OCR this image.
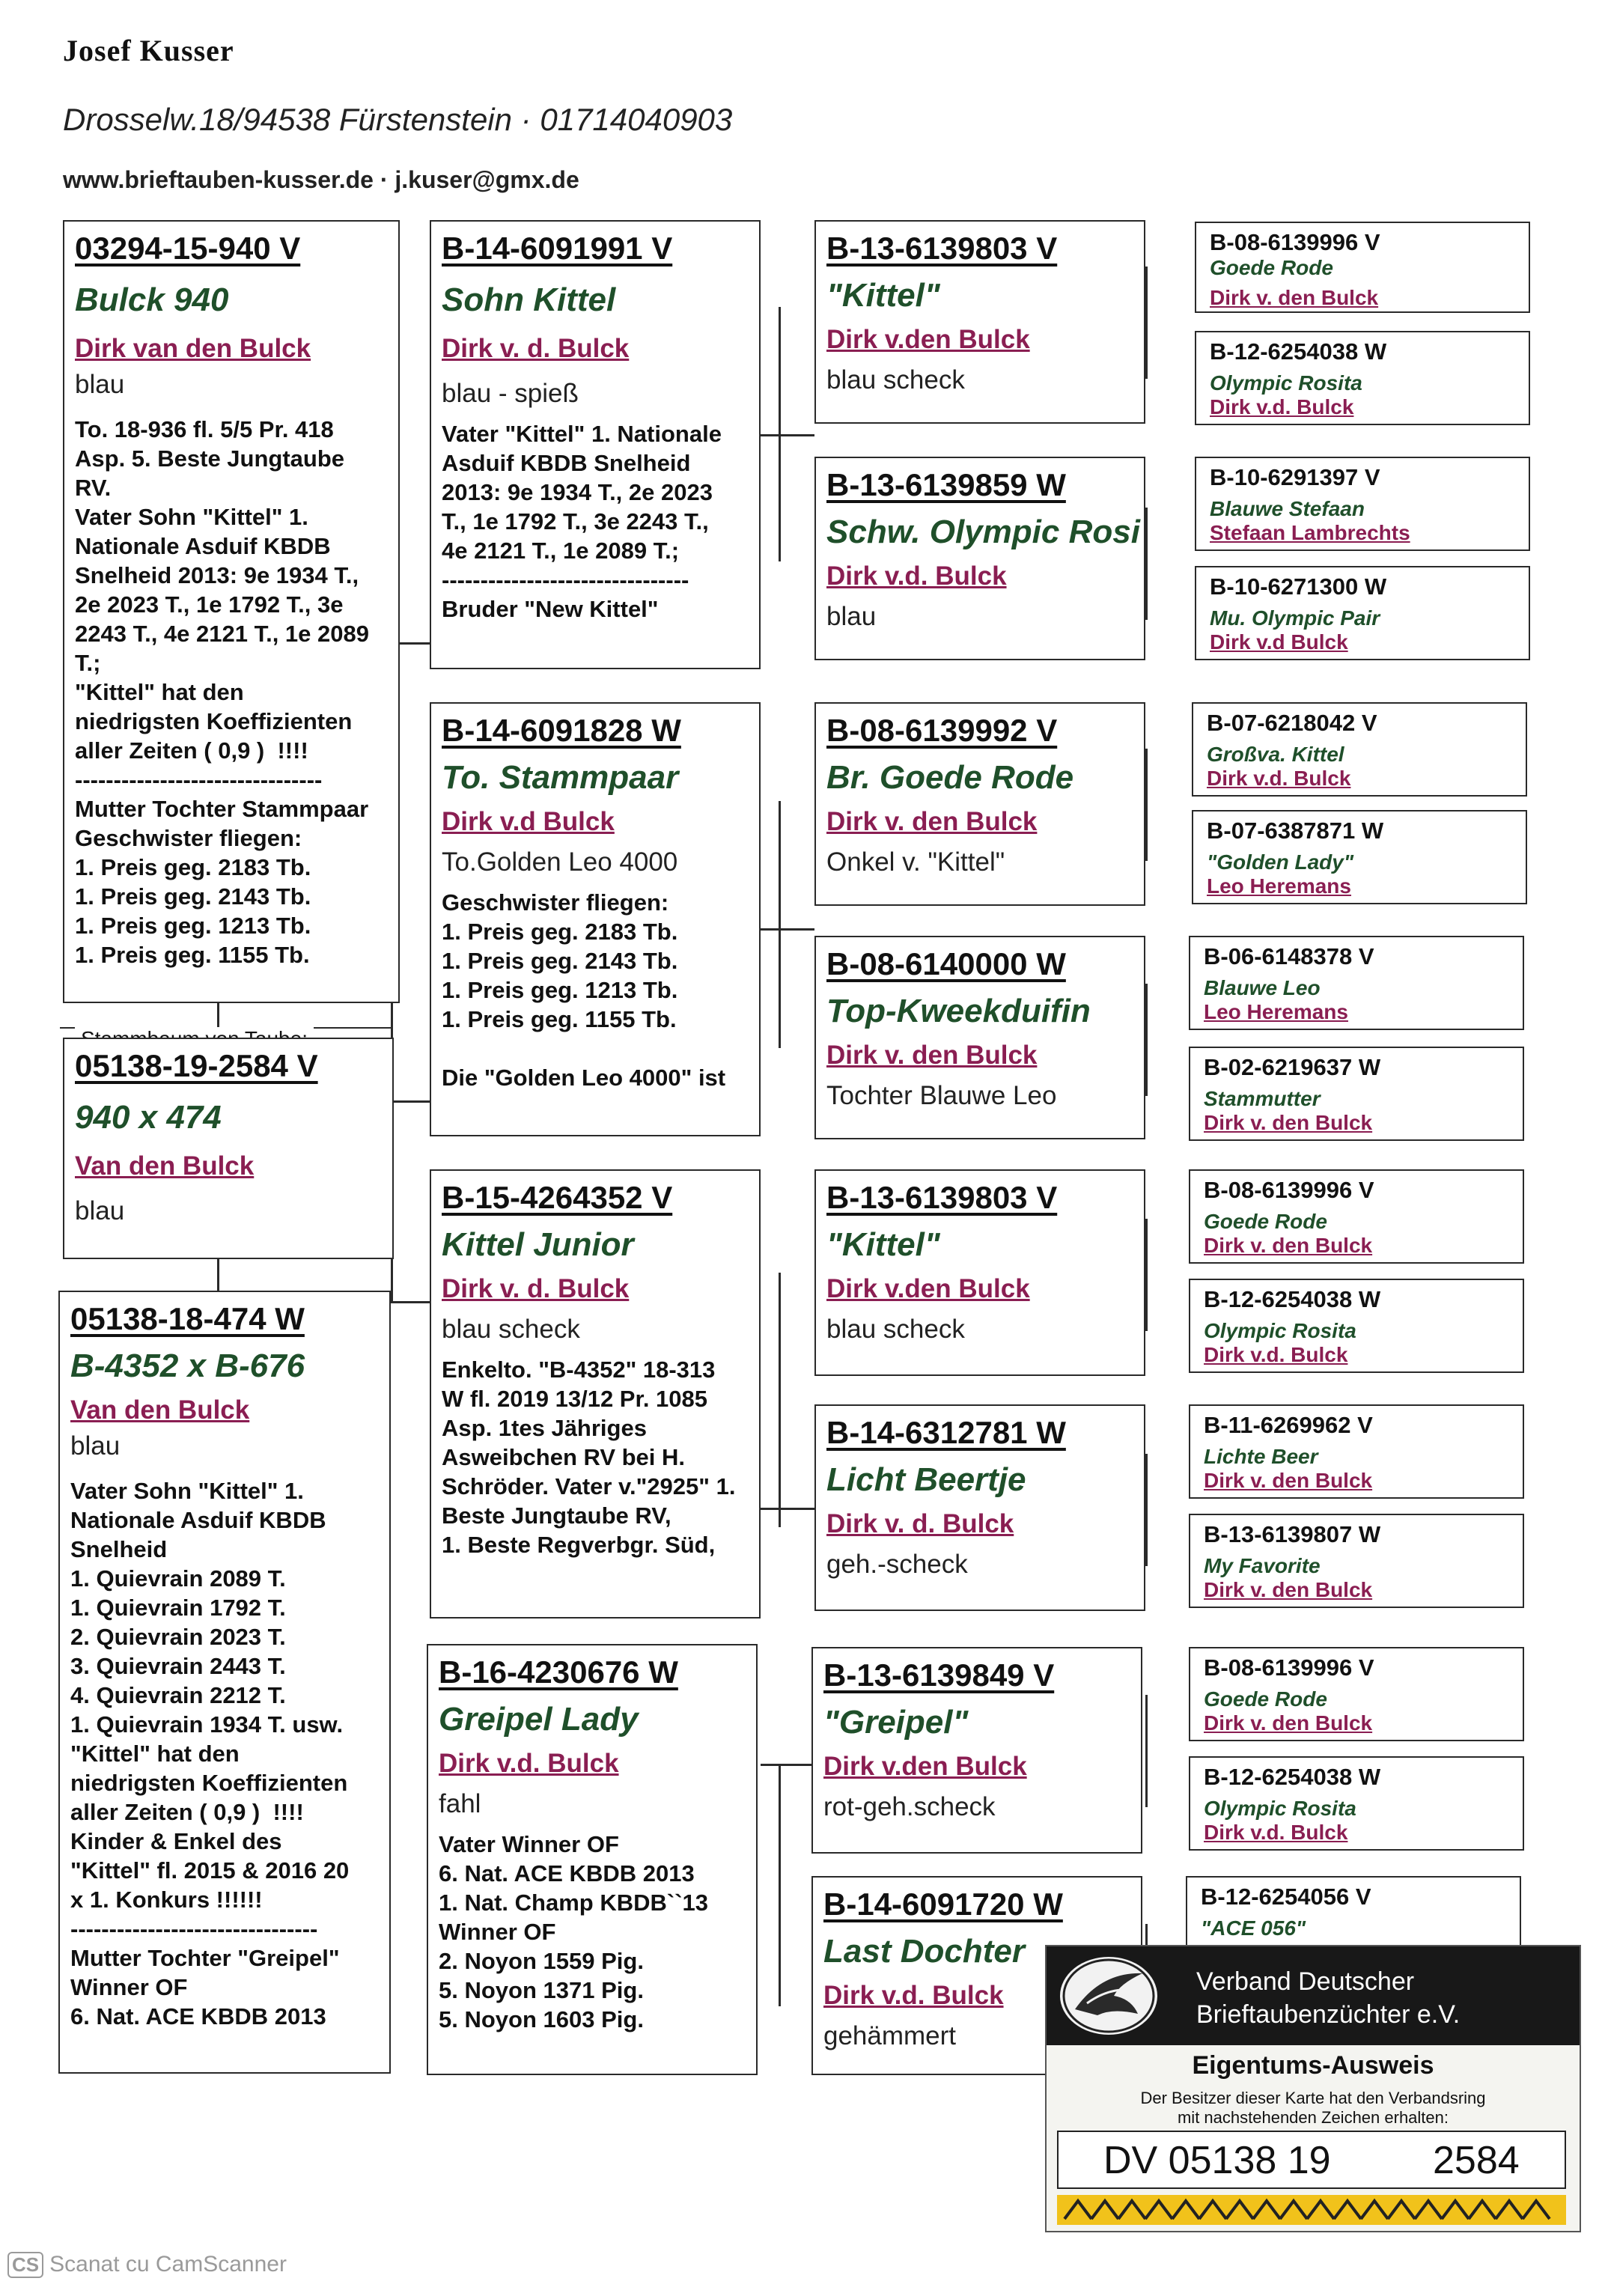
Josef Kusser
Drosselw.18/94538 Fürstenstein · 01714040903
www.brieftauben-kusser.de · j.kuser@gmx.de
03294-15-940 V
Bulck 940
Dirk van den Bulck
blau
To. 18-936 fl. 5/5 Pr. 418
Asp. 5. Beste Jungtaube
RV.
Vater Sohn "Kittel" 1.
Nationale Asduif KBDB
Snelheid 2013: 9e 1934 T.,
2e 2023 T., 1e 1792 T., 3e
2243 T., 4e 2121 T., 1e 2089
T.;
"Kittel" hat den
niedrigsten Koeffizienten
aller Zeiten ( 0,9 )  !!!!
--------------------------------
Mutter Tochter Stammpaar
Geschwister fliegen:
1. Preis geg. 2183 Tb.
1. Preis geg. 2143 Tb.
1. Preis geg. 1213 Tb.
1. Preis geg. 1155 Tb.
05138-19-2584 V
940 x 474
Van den Bulck
blau
05138-18-474 W
B-4352 x B-676
Van den Bulck
blau
Vater Sohn "Kittel" 1.
Nationale Asduif KBDB
Snelheid
1. Quievrain 2089 T.
1. Quievrain 1792 T.
2. Quievrain 2023 T.
3. Quievrain 2443 T.
4. Quievrain 2212 T.
1. Quievrain 1934 T. usw.
"Kittel" hat den
niedrigsten Koeffizienten
aller Zeiten ( 0,9 )  !!!!
Kinder & Enkel des
"Kittel" fl. 2015 & 2016 20
x 1. Konkurs !!!!!!
--------------------------------
Mutter Tochter "Greipel"
Winner OF
6. Nat. ACE KBDB 2013
B-14-6091991 V
Sohn Kittel
Dirk v. d. Bulck
blau - spieß
Vater "Kittel" 1. Nationale
Asduif KBDB Snelheid
2013: 9e 1934 T., 2e 2023
T., 1e 1792 T., 3e 2243 T.,
4e 2121 T., 1e 2089 T.;
--------------------------------
Bruder "New Kittel"
B-14-6091828 W
To. Stammpaar
Dirk v.d Bulck
To.Golden Leo 4000
Geschwister fliegen:
1. Preis geg. 2183 Tb.
1. Preis geg. 2143 Tb.
1. Preis geg. 1213 Tb.
1. Preis geg. 1155 Tb.

Die "Golden Leo 4000" ist
B-15-4264352 V
Kittel Junior
Dirk v. d. Bulck
blau scheck
Enkelto. "B-4352" 18-313
W fl. 2019 13/12 Pr. 1085
Asp. 1tes Jähriges
Asweibchen RV bei H.
Schröder. Vater v."2925" 1.
Beste Jungtaube RV,
1. Beste Regverbgr. Süd,
B-16-4230676 W
Greipel Lady
Dirk v.d. Bulck
fahl
Vater Winner OF
6. Nat. ACE KBDB 2013
1. Nat. Champ KBDB``13
Winner OF
2. Noyon 1559 Pig.
5. Noyon 1371 Pig.
5. Noyon 1603 Pig.
B-13-6139803 V
"Kittel"
Dirk v.den Bulck
blau scheck
B-13-6139859 W
Schw. Olympic Rosi
Dirk v.d. Bulck
blau
B-08-6139992 V
Br. Goede Rode
Dirk v. den Bulck
Onkel v. "Kittel"
B-08-6140000 W
Top-Kweekduifin
Dirk v. den Bulck
Tochter Blauwe Leo
B-13-6139803 V
"Kittel"
Dirk v.den Bulck
blau scheck
B-14-6312781 W
Licht Beertje
Dirk v. d. Bulck
geh.-scheck
B-13-6139849 V
"Greipel"
Dirk v.den Bulck
rot-geh.scheck
B-14-6091720 W
Last Dochter
Dirk v.d. Bulck
gehämmert
B-08-6139996 V
Goede Rode
Dirk v. den Bulck
B-12-6254038 W
Olympic Rosita
Dirk v.d. Bulck
B-10-6291397 V
Blauwe Stefaan
Stefaan Lambrechts
B-10-6271300 W
Mu. Olympic Pair
Dirk v.d Bulck
B-07-6218042 V
Großva. Kittel
Dirk v.d. Bulck
B-07-6387871 W
"Golden Lady"
Leo Heremans
B-06-6148378 V
Blauwe Leo
Leo Heremans
B-02-6219637 W
Stammutter
Dirk v. den Bulck
B-08-6139996 V
Goede Rode
Dirk v. den Bulck
B-12-6254038 W
Olympic Rosita
Dirk v.d. Bulck
B-11-6269962 V
Lichte Beer
Dirk v. den Bulck
B-13-6139807 W
My Favorite
Dirk v. den Bulck
B-08-6139996 V
Goede Rode
Dirk v. den Bulck
B-12-6254038 W
Olympic Rosita
Dirk v.d. Bulck
B-12-6254056 V
"ACE 056"
Verband Deutscher
Brieftaubenzüchter e.V.
Eigentums-Ausweis
Der Besitzer dieser Karte hat den Verbandsring
mit nachstehenden Zeichen erhalten:
DV 05138 19	2584
CS Scanat cu CamScanner
